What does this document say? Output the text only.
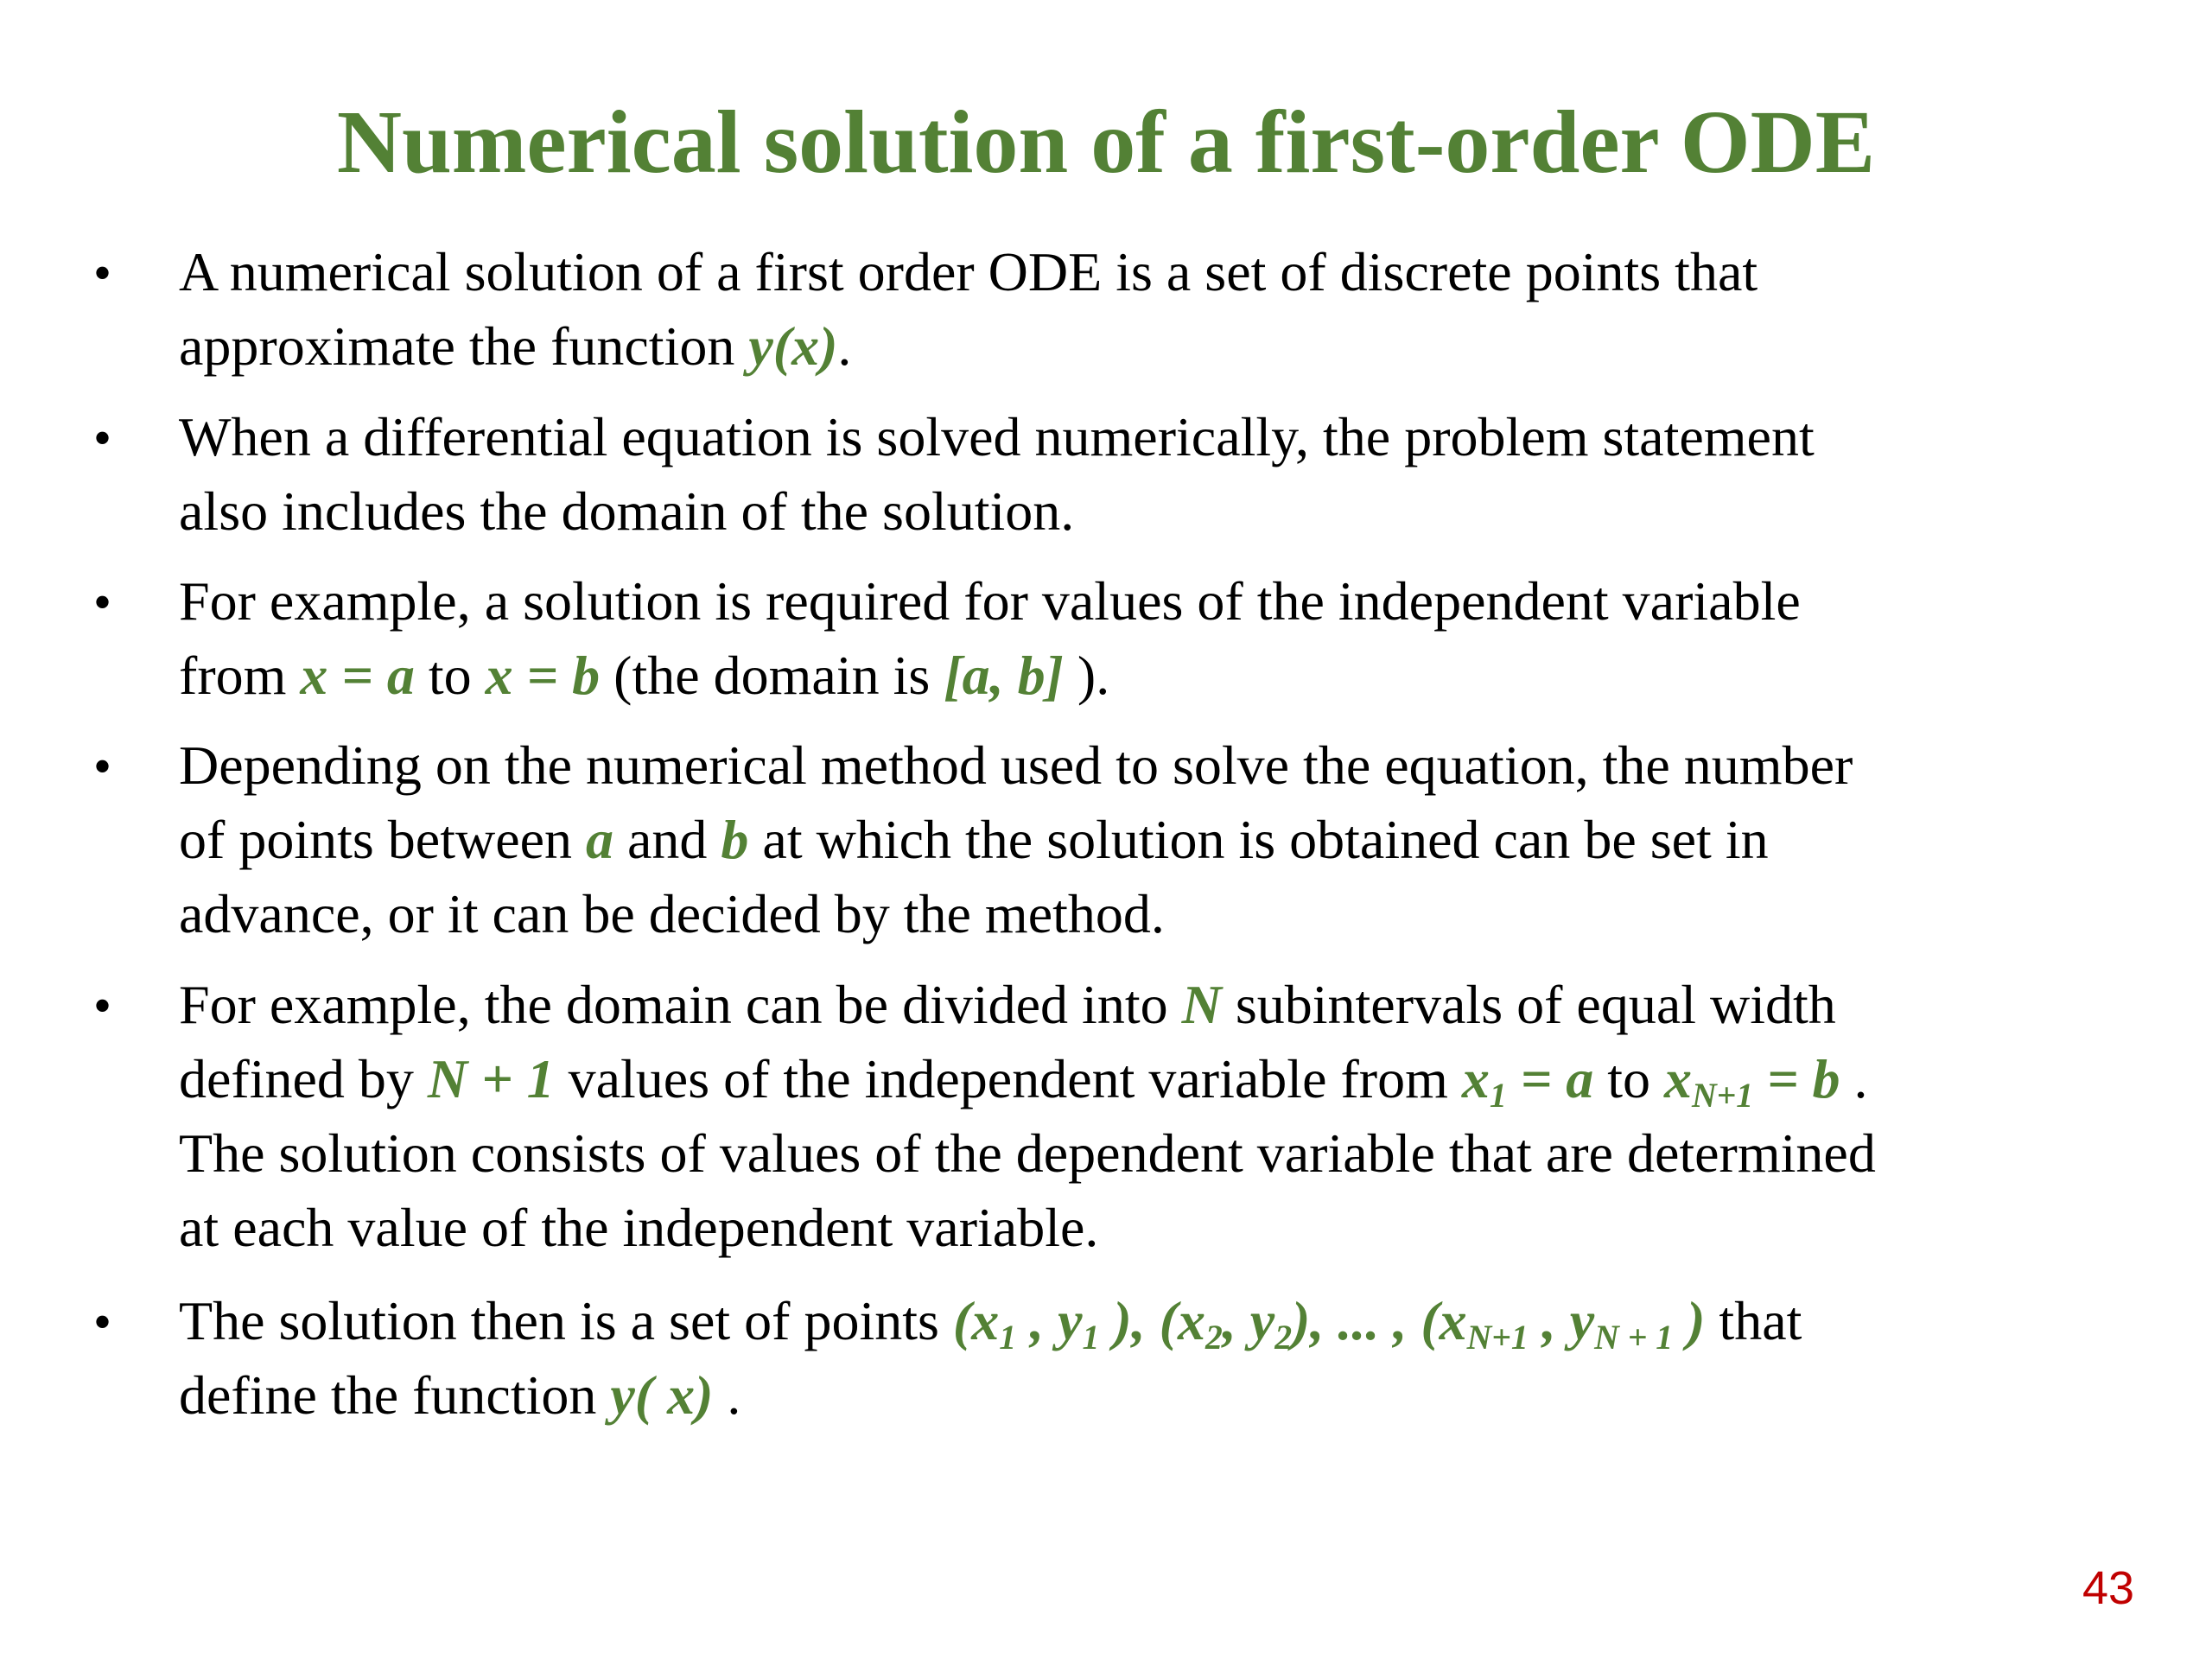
Numerical solution of a first-order ODE
• A numerical solution of a first order ODE is a set of discrete points that
approximate the function y(x).
• When a differential equation is solved numerically, the problem statement
also includes the domain of the solution.
• For example, a solution is required for values of the independent variable
from x = a to x = b (the domain is [a, b] ).
• Depending on the numerical method used to solve the equation, the number
of points between a and b at which the solution is obtained can be set in
advance, or it can be decided by the method.
• For example, the domain can be divided into N subintervals of equal width
defined by N + 1 values of the independent variable from $x_1 = a$ to $x_{N+1} = b$ .
The solution consists of values of the dependent variable that are determined
at each value of the independent variable.
• The solution then is a set of points ($x_1$ , $y_1$ ), ($x_2$, $y_2$), ... , ($x_{N+1}$ , $y_{N + 1}$ ) that
define the function y( x) .
43
